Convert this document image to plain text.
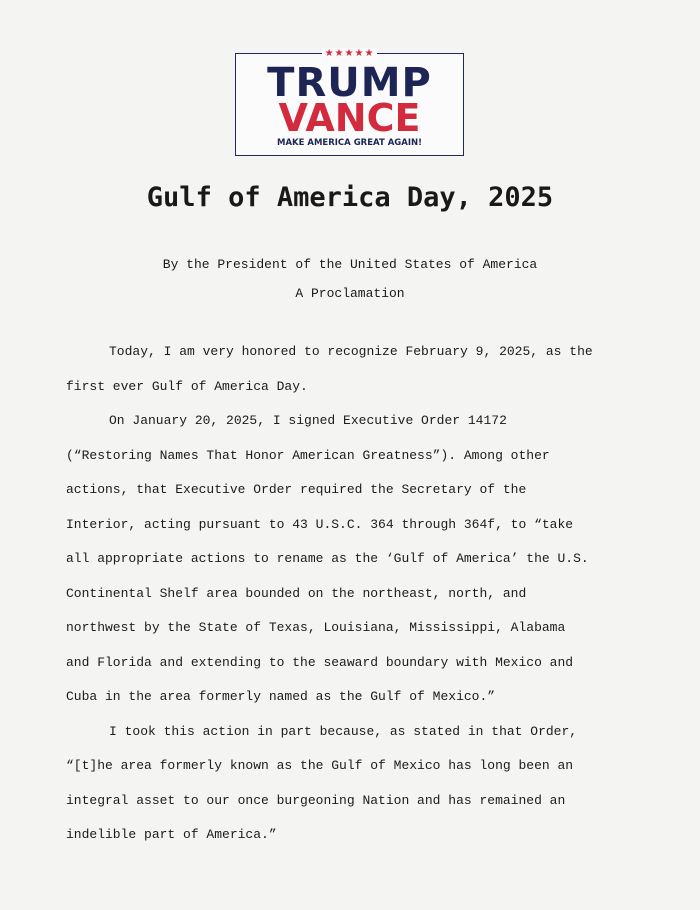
★★★★★
TRUMP
VANCE
MAKE AMERICA GREAT AGAIN!
Gulf of America Day, 2025
By the President of the United States of America
A Proclamation

Today, I am very honored to recognize February 9, 2025, as the
first ever Gulf of America Day.

On January 20, 2025, I signed Executive Order 14172
(“Restoring Names That Honor American Greatness”). Among other
actions, that Executive Order required the Secretary of the
Interior, acting pursuant to 43 U.S.C. 364 through 364f, to “take
all appropriate actions to rename as the ‘Gulf of America’ the U.S.
Continental Shelf area bounded on the northeast, north, and
northwest by the State of Texas, Louisiana, Mississippi, Alabama
and Florida and extending to the seaward boundary with Mexico and
Cuba in the area formerly named as the Gulf of Mexico.”

I took this action in part because, as stated in that Order,
“[t]he area formerly known as the Gulf of Mexico has long been an
integral asset to our once burgeoning Nation and has remained an
indelible part of America.”
